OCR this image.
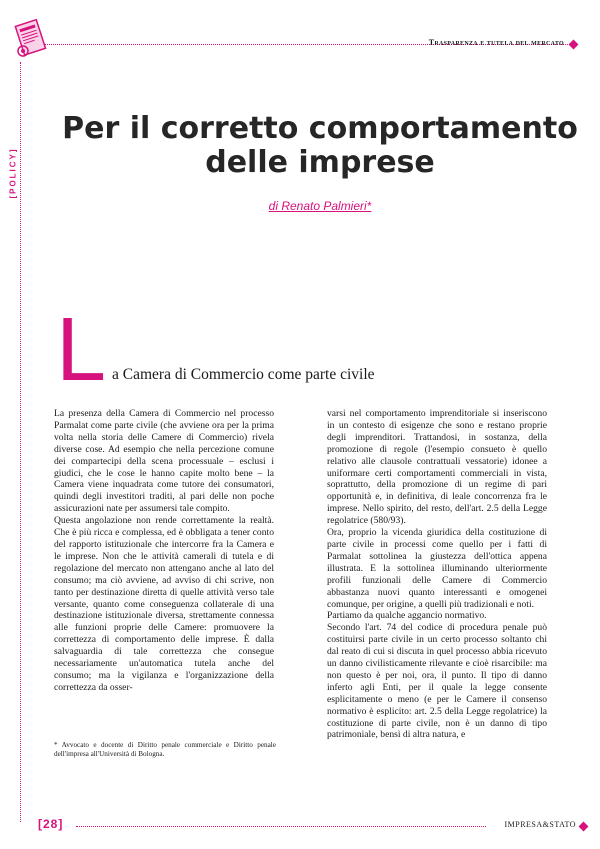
Trasparenza e tutela del mercato
[POLICY]
Per il corretto comportamento
delle imprese
di Renato Palmieri*
L a Camera di Commercio come parte civile

La presenza della Camera di Commercio nel processo Parmalat come parte civile (che avviene ora per la prima volta nella storia delle Camere di Commercio) rivela diverse cose. Ad esempio che nella percezione comune dei compartecipi della scena processuale – esclusi i giudici, che le cose le hanno capite molto bene – la Camera viene inquadrata come tutore dei consumatori, quindi degli investitori traditi, al pari delle non poche assicurazioni nate per assumersi tale compito.

Questa angolazione non rende correttamente la realtà. Che è più ricca e complessa, ed è obbligata a tener conto del rapporto istituzionale che intercorre fra la Camera e le imprese. Non che le attività camerali di tutela e di regolazione del mercato non attengano anche al lato del consumo; ma ciò avviene, ad avviso di chi scrive, non tanto per destinazione diretta di quelle attività verso tale versante, quanto come conseguenza collaterale di una destinazione istituzionale diversa, strettamente connessa alle funzioni proprie delle Camere: promuovere la correttezza di comportamento delle imprese. È dalla salvaguardia di tale correttezza che consegue necessariamente un'automatica tutela anche del consumo; ma la vigilanza e l'organizzazione della correttezza da osser-

varsi nel comportamento imprenditoriale si inseriscono in un contesto di esigenze che sono e restano proprie degli imprenditori. Trattandosi, in sostanza, della promozione di regole (l'esempio consueto è quello relativo alle clausole contrattuali vessatorie) idonee a uniformare certi comportamenti commerciali in vista, soprattutto, della promozione di un regime di pari opportunità e, in definitiva, di leale concorrenza fra le imprese. Nello spirito, del resto, dell'art. 2.5 della Legge regolatrice (580/93).

Ora, proprio la vicenda giuridica della costituzione di parte civile in processi come quello per i fatti di Parmalat sottolinea la giustezza dell'ottica appena illustrata. E la sottolinea illuminando ulteriormente profili funzionali delle Camere di Commercio abbastanza nuovi quanto interessanti e omogenei comunque, per origine, a quelli più tradizionali e noti.

Partiamo da qualche aggancio normativo.

Secondo l'art. 74 del codice di procedura penale può costituirsi parte civile in un certo processo soltanto chi dal reato di cui si discuta in quel processo abbia ricevuto un danno civilisticamente rilevante e cioè risarcibile: ma non questo è per noi, ora, il punto. Il tipo di danno inferto agli Enti, per il quale la legge consente esplicitamente o meno (e per le Camere il consenso normativo è esplicito: art. 2.5 della Legge regolatrice) la costituzione di parte civile, non è un danno di tipo patrimoniale, bensì di altra natura, e

* Avvocato e docente di Diritto penale commerciale e Diritto penale dell'impresa all'Università di Bologna.
[28]	IMPRESA&STATO
